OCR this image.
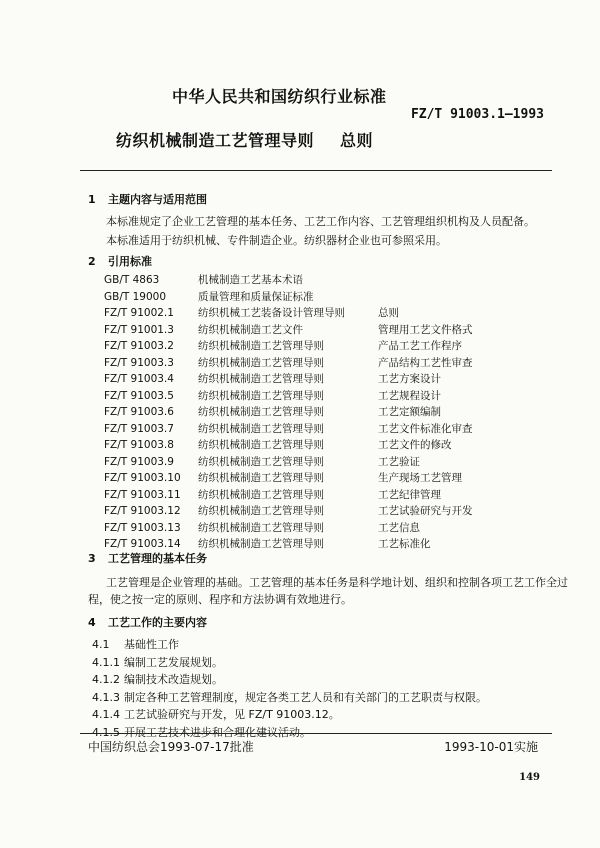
中华人民共和国纺织行业标准
FZ/T 91003.1—1993
纺织机械制造工艺管理导则 总则
1 主题内容与适用范围
本标准规定了企业工艺管理的基本任务、工艺工作内容、工艺管理组织机构及人员配备。
本标准适用于纺织机械、专件制造企业。纺织器材企业也可参照采用。
2 引用标准
GB/T 4863	机械制造工艺基本术语
GB/T 19000	质量管理和质量保证标准
FZ/T 91002.1 纺织机械工艺装备设计管理导则	总则
FZ/T 91001.3 纺织机械制造工艺文件	管理用工艺文件格式
FZ/T 91003.2 纺织机械制造工艺管理导则	产品工艺工作程序
FZ/T 91003.3 纺织机械制造工艺管理导则	产品结构工艺性审查
FZ/T 91003.4 纺织机械制造工艺管理导则	工艺方案设计
FZ/T 91003.5 纺织机械制造工艺管理导则	工艺规程设计
FZ/T 91003.6 纺织机械制造工艺管理导则	工艺定额编制
FZ/T 91003.7 纺织机械制造工艺管理导则	工艺文件标准化审查
FZ/T 91003.8 纺织机械制造工艺管理导则	工艺文件的修改
FZ/T 91003.9 纺织机械制造工艺管理导则	工艺验证
FZ/T 91003.10 纺织机械制造工艺管理导则	生产现场工艺管理
FZ/T 91003.11 纺织机械制造工艺管理导则	工艺纪律管理
FZ/T 91003.12 纺织机械制造工艺管理导则	工艺试验研究与开发
FZ/T 91003.13 纺织机械制造工艺管理导则	工艺信息
FZ/T 91003.14 纺织机械制造工艺管理导则	工艺标准化
3 工艺管理的基本任务
工艺管理是企业管理的基础。工艺管理的基本任务是科学地计划、组织和控制各项工艺工作全过
程，使之按一定的原则、程序和方法协调有效地进行。
4 工艺工作的主要内容
4.1 基础性工作
4.1.1 编制工艺发展规划。
4.1.2 编制技术改造规划。
4.1.3 制定各种工艺管理制度，规定各类工艺人员和有关部门的工艺职责与权限。
4.1.4 工艺试验研究与开发，见 FZ/T 91003.12。
4.1.5 开展工艺技术进步和合理化建议活动。
中国纺织总会1993-07-17批准	1993-10-01实施
149
